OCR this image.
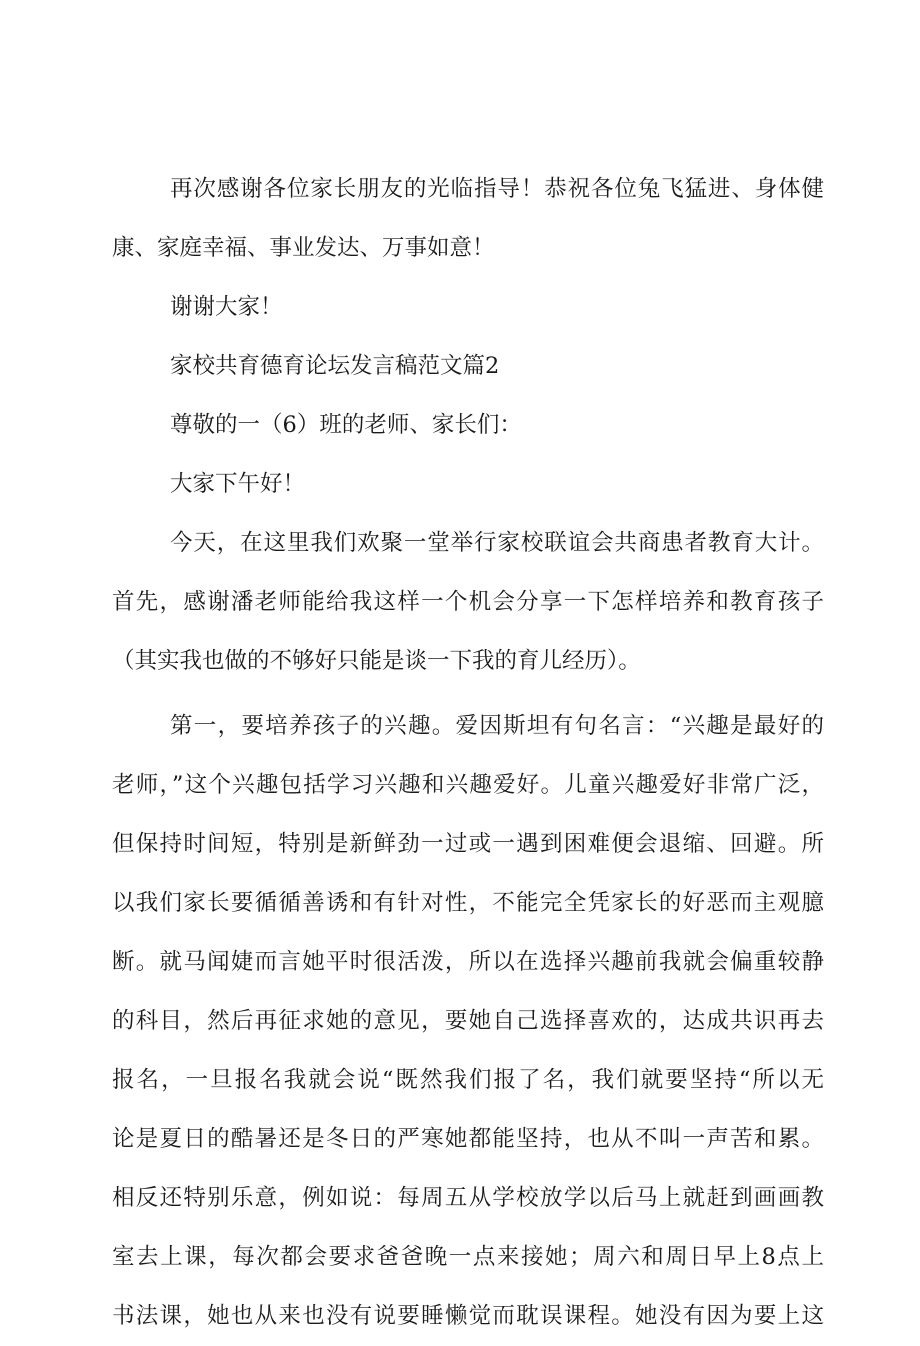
再次感谢各位家长朋友的光临指导！恭祝各位兔飞猛进、身体健
康、家庭幸福、事业发达、万事如意！
谢谢大家！
家校共育德育论坛发言稿范文篇2
尊敬的一（6）班的老师、家长们：
大家下午好！
今天，在这里我们欢聚一堂举行家校联谊会共商患者教育大计。
首先，感谢潘老师能给我这样一个机会分享一下怎样培养和教育孩子
（其实我也做的不够好只能是谈一下我的育儿经历）。
第一，要培养孩子的兴趣。爱因斯坦有句名言：“兴趣是最好的
老师，”这个兴趣包括学习兴趣和兴趣爱好。儿童兴趣爱好非常广泛，
但保持时间短，特别是新鲜劲一过或一遇到困难便会退缩、回避。所
以我们家长要循循善诱和有针对性，不能完全凭家长的好恶而主观臆
断。就马闻婕而言她平时很活泼，所以在选择兴趣前我就会偏重较静
的科目，然后再征求她的意见，要她自己选择喜欢的，达成共识再去
报名，一旦报名我就会说“既然我们报了名，我们就要坚持“所以无
论是夏日的酷暑还是冬日的严寒她都能坚持，也从不叫一声苦和累。
相反还特别乐意，例如说：每周五从学校放学以后马上就赶到画画教
室去上课，每次都会要求爸爸晚一点来接她；周六和周日早上8点上
书法课，她也从来也没有说要睡懒觉而耽误课程。她没有因为要上这
